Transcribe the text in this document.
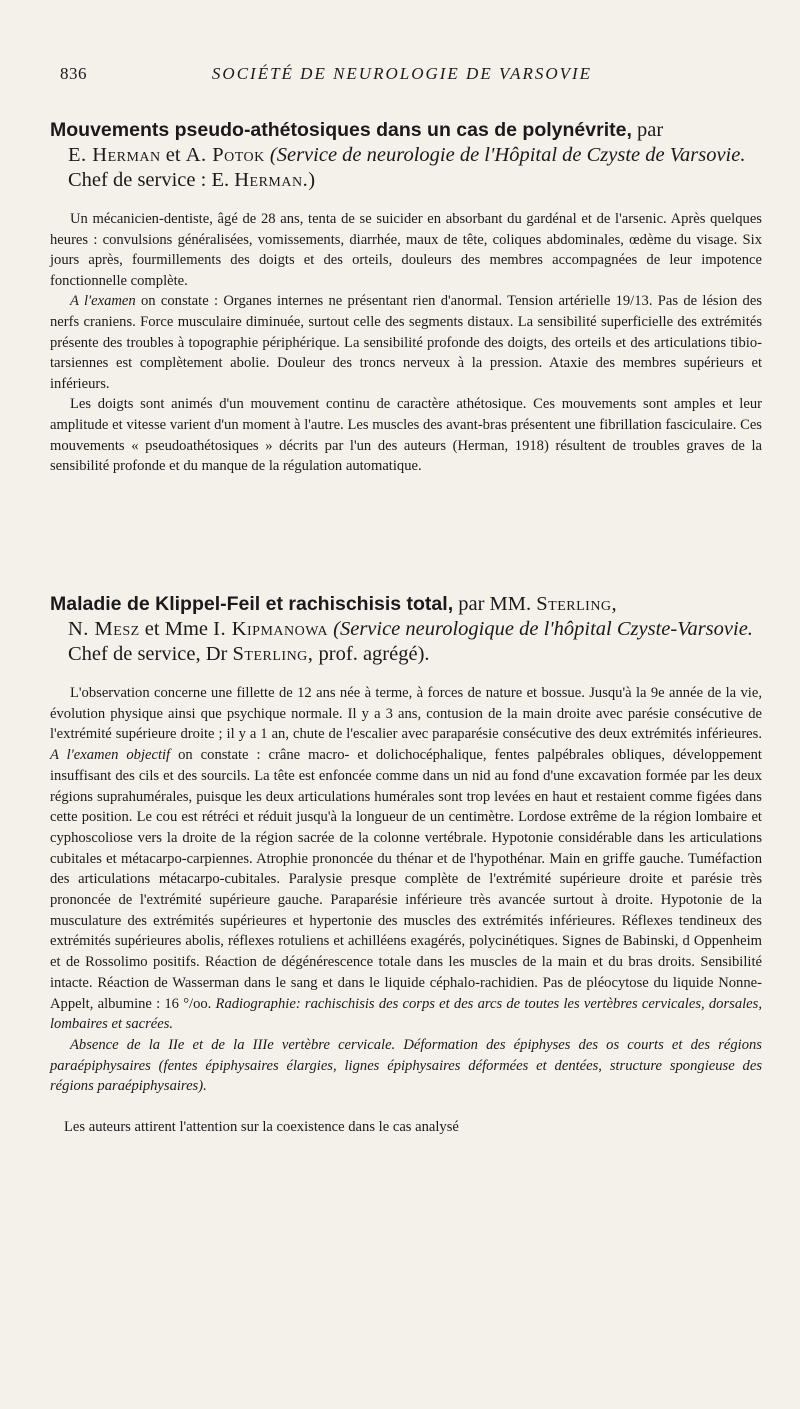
836	SOCIÉTÉ DE NEUROLOGIE DE VARSOVIE
Mouvements pseudo-athétosiques dans un cas de polynévrite, par
E. Herman et A. Potok (Service de neurologie de l'Hôpital de Czyste de Varsovie. Chef de service : E. Herman.)

Un mécanicien-dentiste, âgé de 28 ans, tenta de se suicider en absorbant du gardénal et de l'arsenic. Après quelques heures : convulsions généralisées, vomissements, diarrhée, maux de tête, coliques abdominales, œdème du visage. Six jours après, fourmillements des doigts et des orteils, douleurs des membres accompagnées de leur impotence fonctionnelle complète.

A l'examen on constate : Organes internes ne présentant rien d'anormal. Tension artérielle 19/13. Pas de lésion des nerfs craniens. Force musculaire diminuée, surtout celle des segments distaux. La sensibilité superficielle des extrémités présente des troubles à topographie périphérique. La sensibilité profonde des doigts, des orteils et des articulations tibio-tarsiennes est complètement abolie. Douleur des troncs nerveux à la pression. Ataxie des membres supérieurs et inférieurs.

Les doigts sont animés d'un mouvement continu de caractère athétosique. Ces mouvements sont amples et leur amplitude et vitesse varient d'un moment à l'autre. Les muscles des avant-bras présentent une fibrillation fasciculaire. Ces mouvements « pseudoathétosiques » décrits par l'un des auteurs (Herman, 1918) résultent de troubles graves de la sensibilité profonde et du manque de la régulation automatique.

Maladie de Klippel-Feil et rachischisis total, par MM. Sterling,
N. Mesz et Mme I. Kipmanowa (Service neurologique de l'hôpital Czyste-Varsovie. Chef de service, Dr Sterling, prof. agrégé).

L'observation concerne une fillette de 12 ans née à terme, à forces de nature et bossue. Jusqu'à la 9e année de la vie, évolution physique ainsi que psychique normale. Il y a 3 ans, contusion de la main droite avec parésie consécutive de l'extrémité supérieure droite ; il y a 1 an, chute de l'escalier avec paraparésie consécutive des deux extrémités inférieures. A l'examen objectif on constate : crâne macro- et dolichocéphalique, fentes palpébrales obliques, développement insuffisant des cils et des sourcils. La tête est enfoncée comme dans un nid au fond d'une excavation formée par les deux régions suprahumérales, puisque les deux articulations humérales sont trop levées en haut et restaient comme figées dans cette position. Le cou est rétréci et réduit jusqu'à la longueur de un centimètre. Lordose extrême de la région lombaire et cyphoscoliose vers la droite de la région sacrée de la colonne vertébrale. Hypotonie considérable dans les articulations cubitales et métacarpo-carpiennes. Atrophie prononcée du thénar et de l'hypothénar. Main en griffe gauche. Tuméfaction des articulations métacarpo-cubitales. Paralysie presque complète de l'extrémité supérieure droite et parésie très prononcée de l'extrémité supérieure gauche. Paraparésie inférieure très avancée surtout à droite. Hypotonie de la musculature des extrémités supérieures et hypertonie des muscles des extrémités inférieures. Réflexes tendineux des extrémités supérieures abolis, réflexes rotuliens et achilléens exagérés, polycinétiques. Signes de Babinski, d Oppenheim et de Rossolimo positifs. Réaction de dégénérescence totale dans les muscles de la main et du bras droits. Sensibilité intacte. Réaction de Wasserman dans le sang et dans le liquide céphalo-rachidien. Pas de pléocytose du liquide Nonne-Appelt, albumine : 16 °/oo. Radiographie: rachischisis des corps et des arcs de toutes les vertèbres cervicales, dorsales, lombaires et sacrées.

Absence de la IIe et de la IIIe vertèbre cervicale. Déformation des épiphyses des os courts et des régions paraépiphysaires (fentes épiphysaires élargies, lignes épiphysaires déformées et dentées, structure spongieuse des régions paraépiphysaires).

Les auteurs attirent l'attention sur la coexistence dans le cas analysé
